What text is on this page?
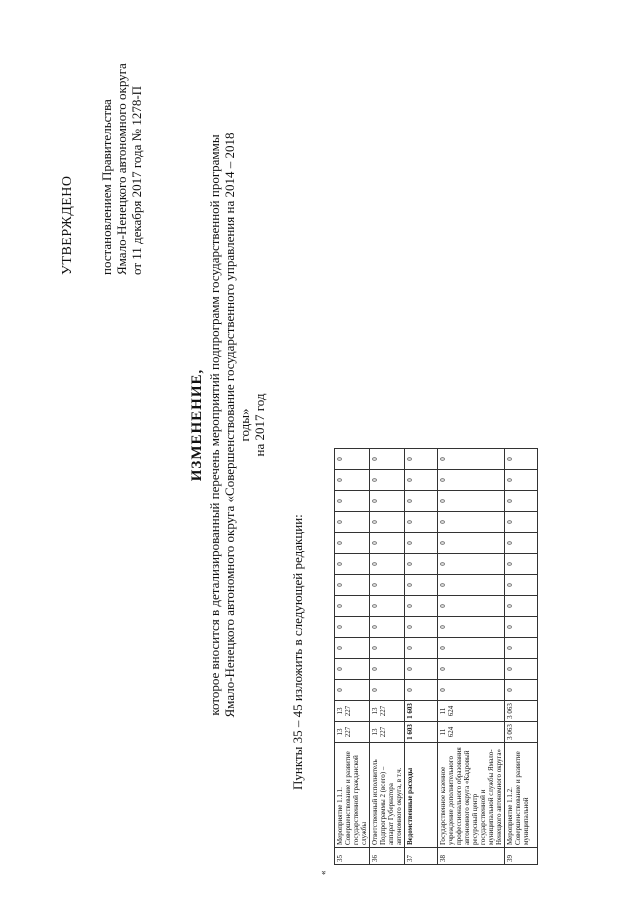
УТВЕРЖДЕНО постановлением Правительства Ямало-Ненецкого автономного округа от 11 декабря 2017 года № 1278-П
ИЗМЕНЕНИЕ, которое вносится в детализированный перечень мероприятий подпрограмм государственной программы Ямало-Ненецкого автономного округа «Совершенствование государственного управления на 2014 – 2018 годы» на 2017 год
Пункты 35 – 45 изложить в следующей редакции:
«
35	Мероприятие 1.1.1. Совершенствование и развитие государственной гражданской службы	13 227	13 227	0	0	0	0	0	0	0	0	0	0	0	0
36	Ответственный исполнитель Подпрограммы 2 (всего) – аппарат Губернатора автономного округа, в т.ч.	13 227	13 227	0	0	0	0	0	0	0	0	0	0	0	0
37	Ведомственные расходы	1 603	1 603	0	0	0	0	0	0	0	0	0	0	0	0
38	Государственное казенное учреждение дополнительного профессионального образования автономного округа «Кадровый ресурсный центр государственной и муниципальной службы Ямало-Ненецкого автономного округа»	11 624	11 624	0	0	0	0	0	0	0	0	0	0	0	0
39	Мероприятие 1.1.2. Совершенствование и развитие муниципальной	3 063	3 063	0	0	0	0	0	0	0	0	0	0	0	0
